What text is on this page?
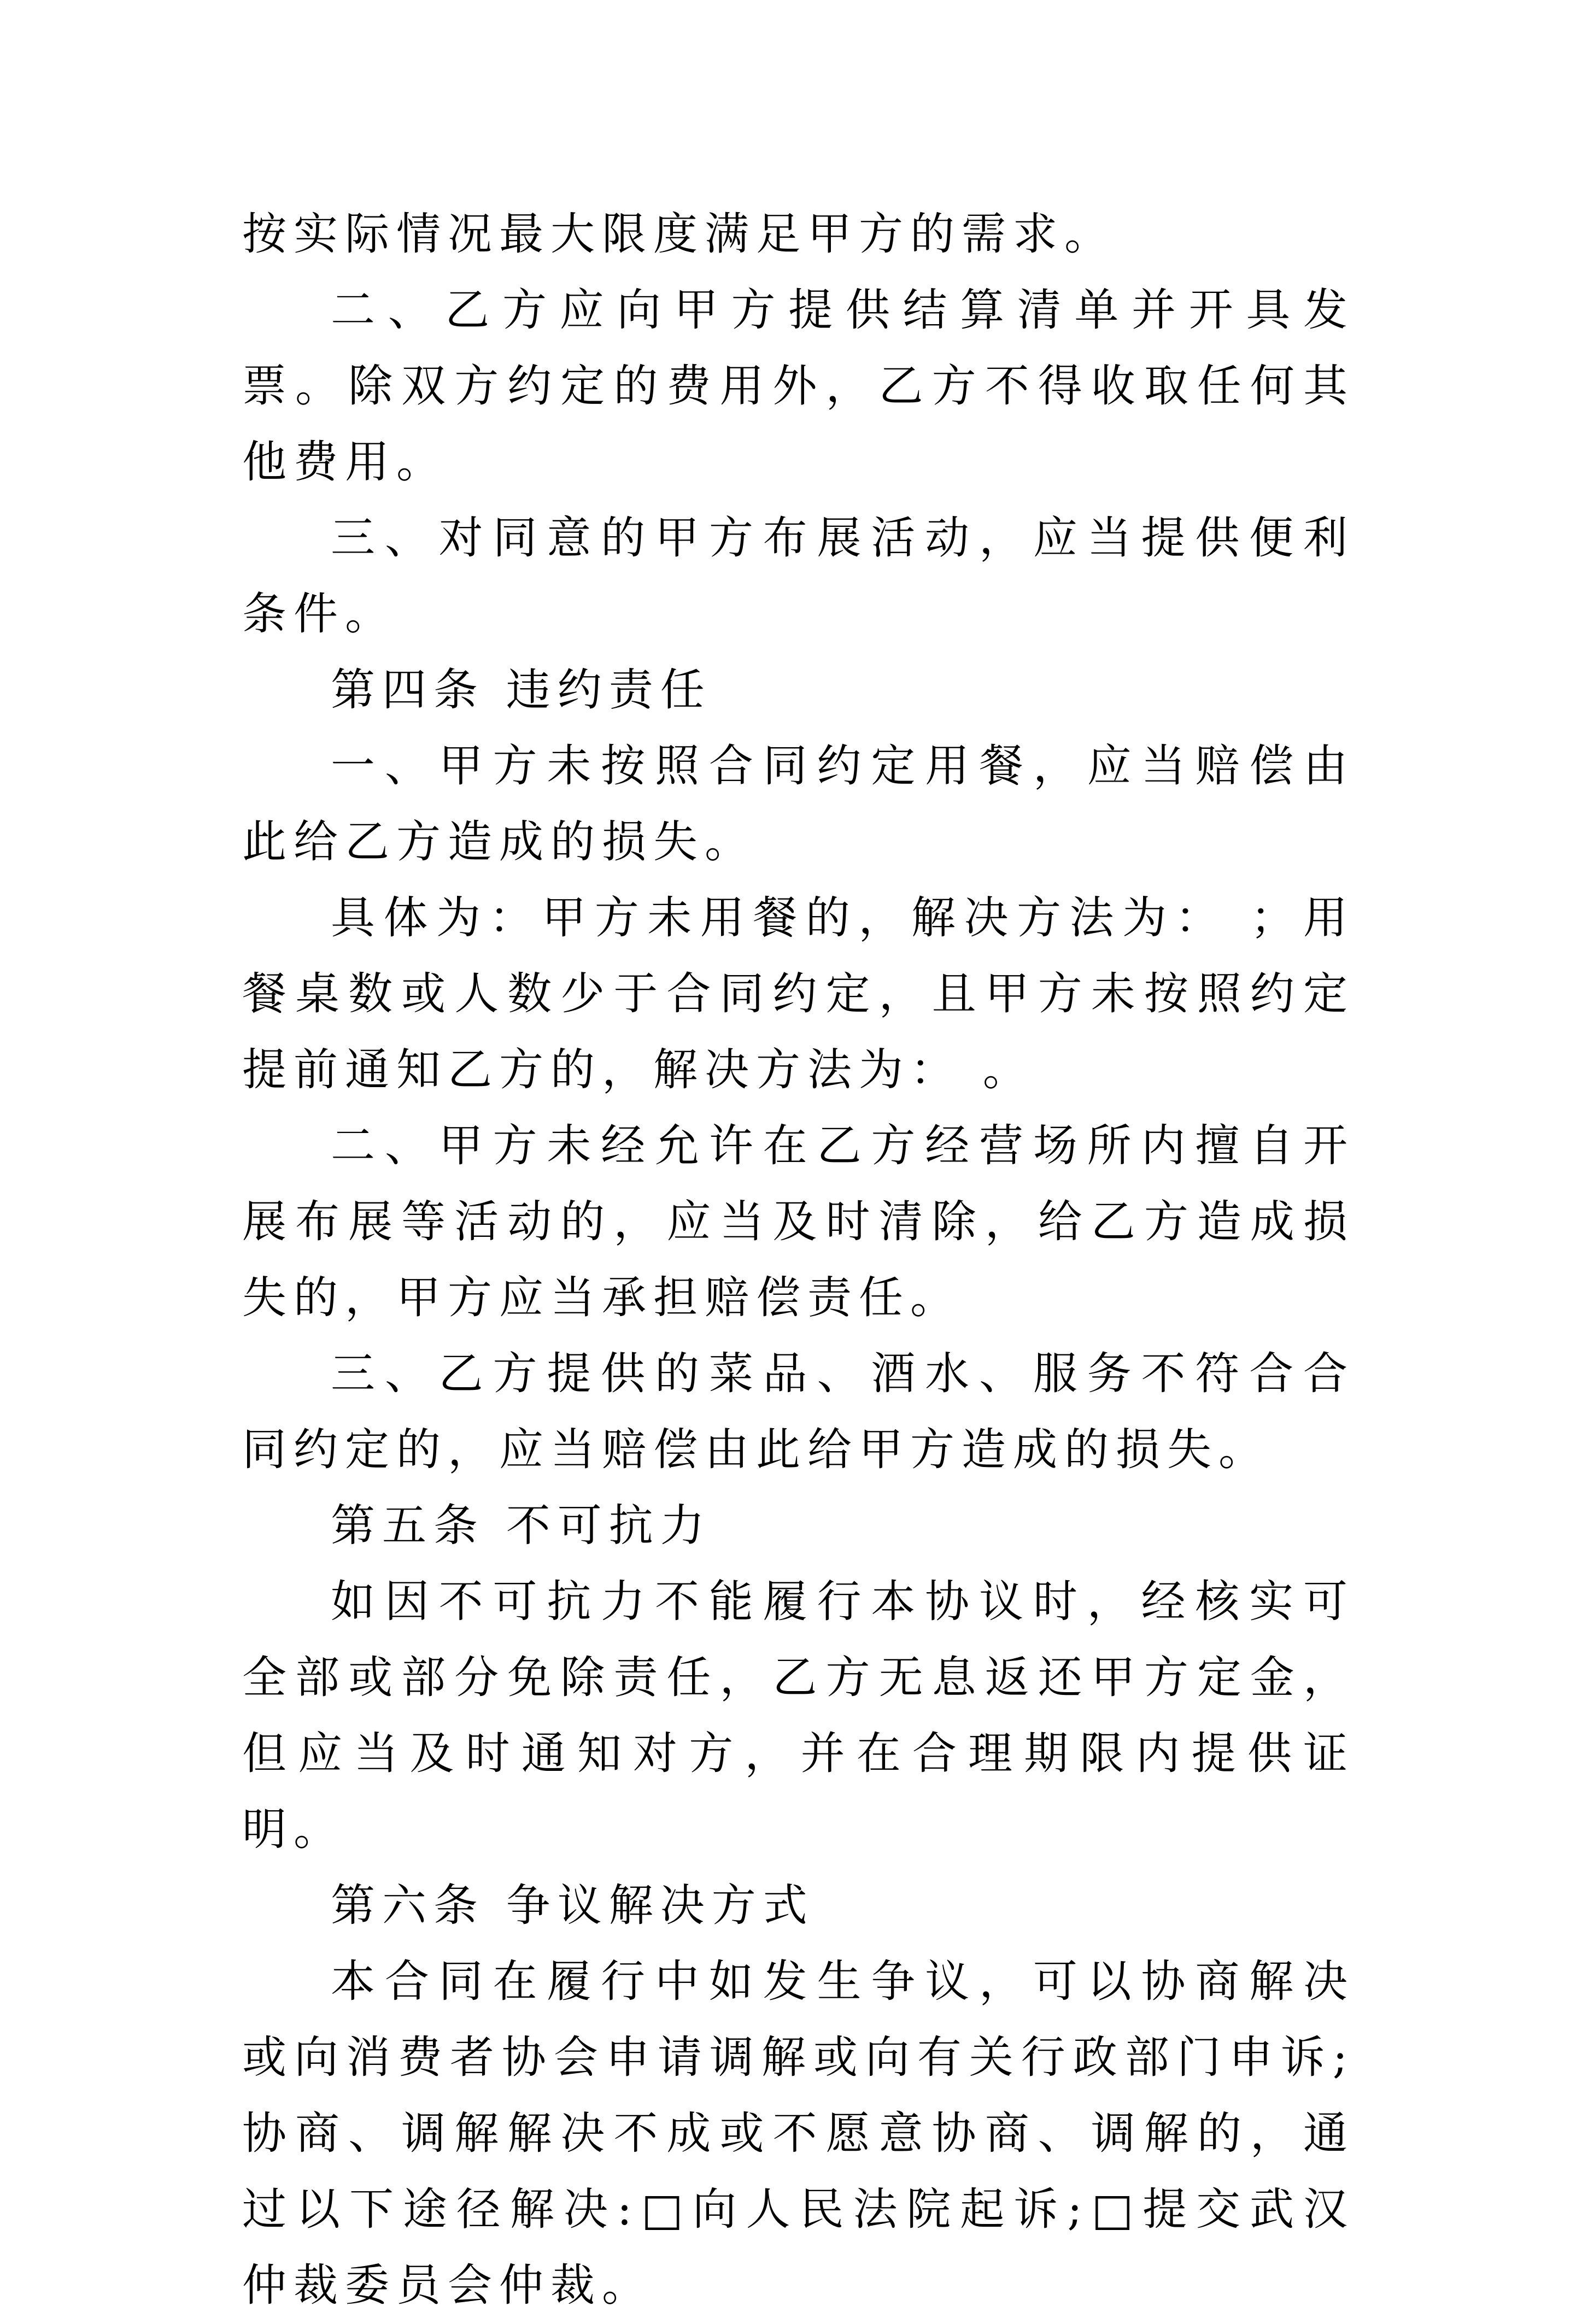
按实际情况最大限度满足甲方的需求。

二、乙方应向甲方提供结算清单并开具发票。除双方约定的费用外，乙方不得收取任何其他费用。

三、对同意的甲方布展活动，应当提供便利条件。

第四条 违约责任

一、甲方未按照合同约定用餐，应当赔偿由此给乙方造成的损失。

具体为：甲方未用餐的，解决方法为： ；用餐桌数或人数少于合同约定，且甲方未按照约定提前通知乙方的，解决方法为： 。

二、甲方未经允许在乙方经营场所内擅自开展布展等活动的，应当及时清除，给乙方造成损失的，甲方应当承担赔偿责任。

三、乙方提供的菜品、酒水、服务不符合合同约定的，应当赔偿由此给甲方造成的损失。

第五条 不可抗力

如因不可抗力不能履行本协议时，经核实可全部或部分免除责任，乙方无息返还甲方定金，但应当及时通知对方，并在合理期限内提供证明。

第六条 争议解决方式

本合同在履行中如发生争议，可以协商解决或向消费者协会申请调解或向有关行政部门申诉;协商、调解解决不成或不愿意协商、调解的，通过以下途径解决:□向人民法院起诉;□提交武汉仲裁委员会仲裁。
